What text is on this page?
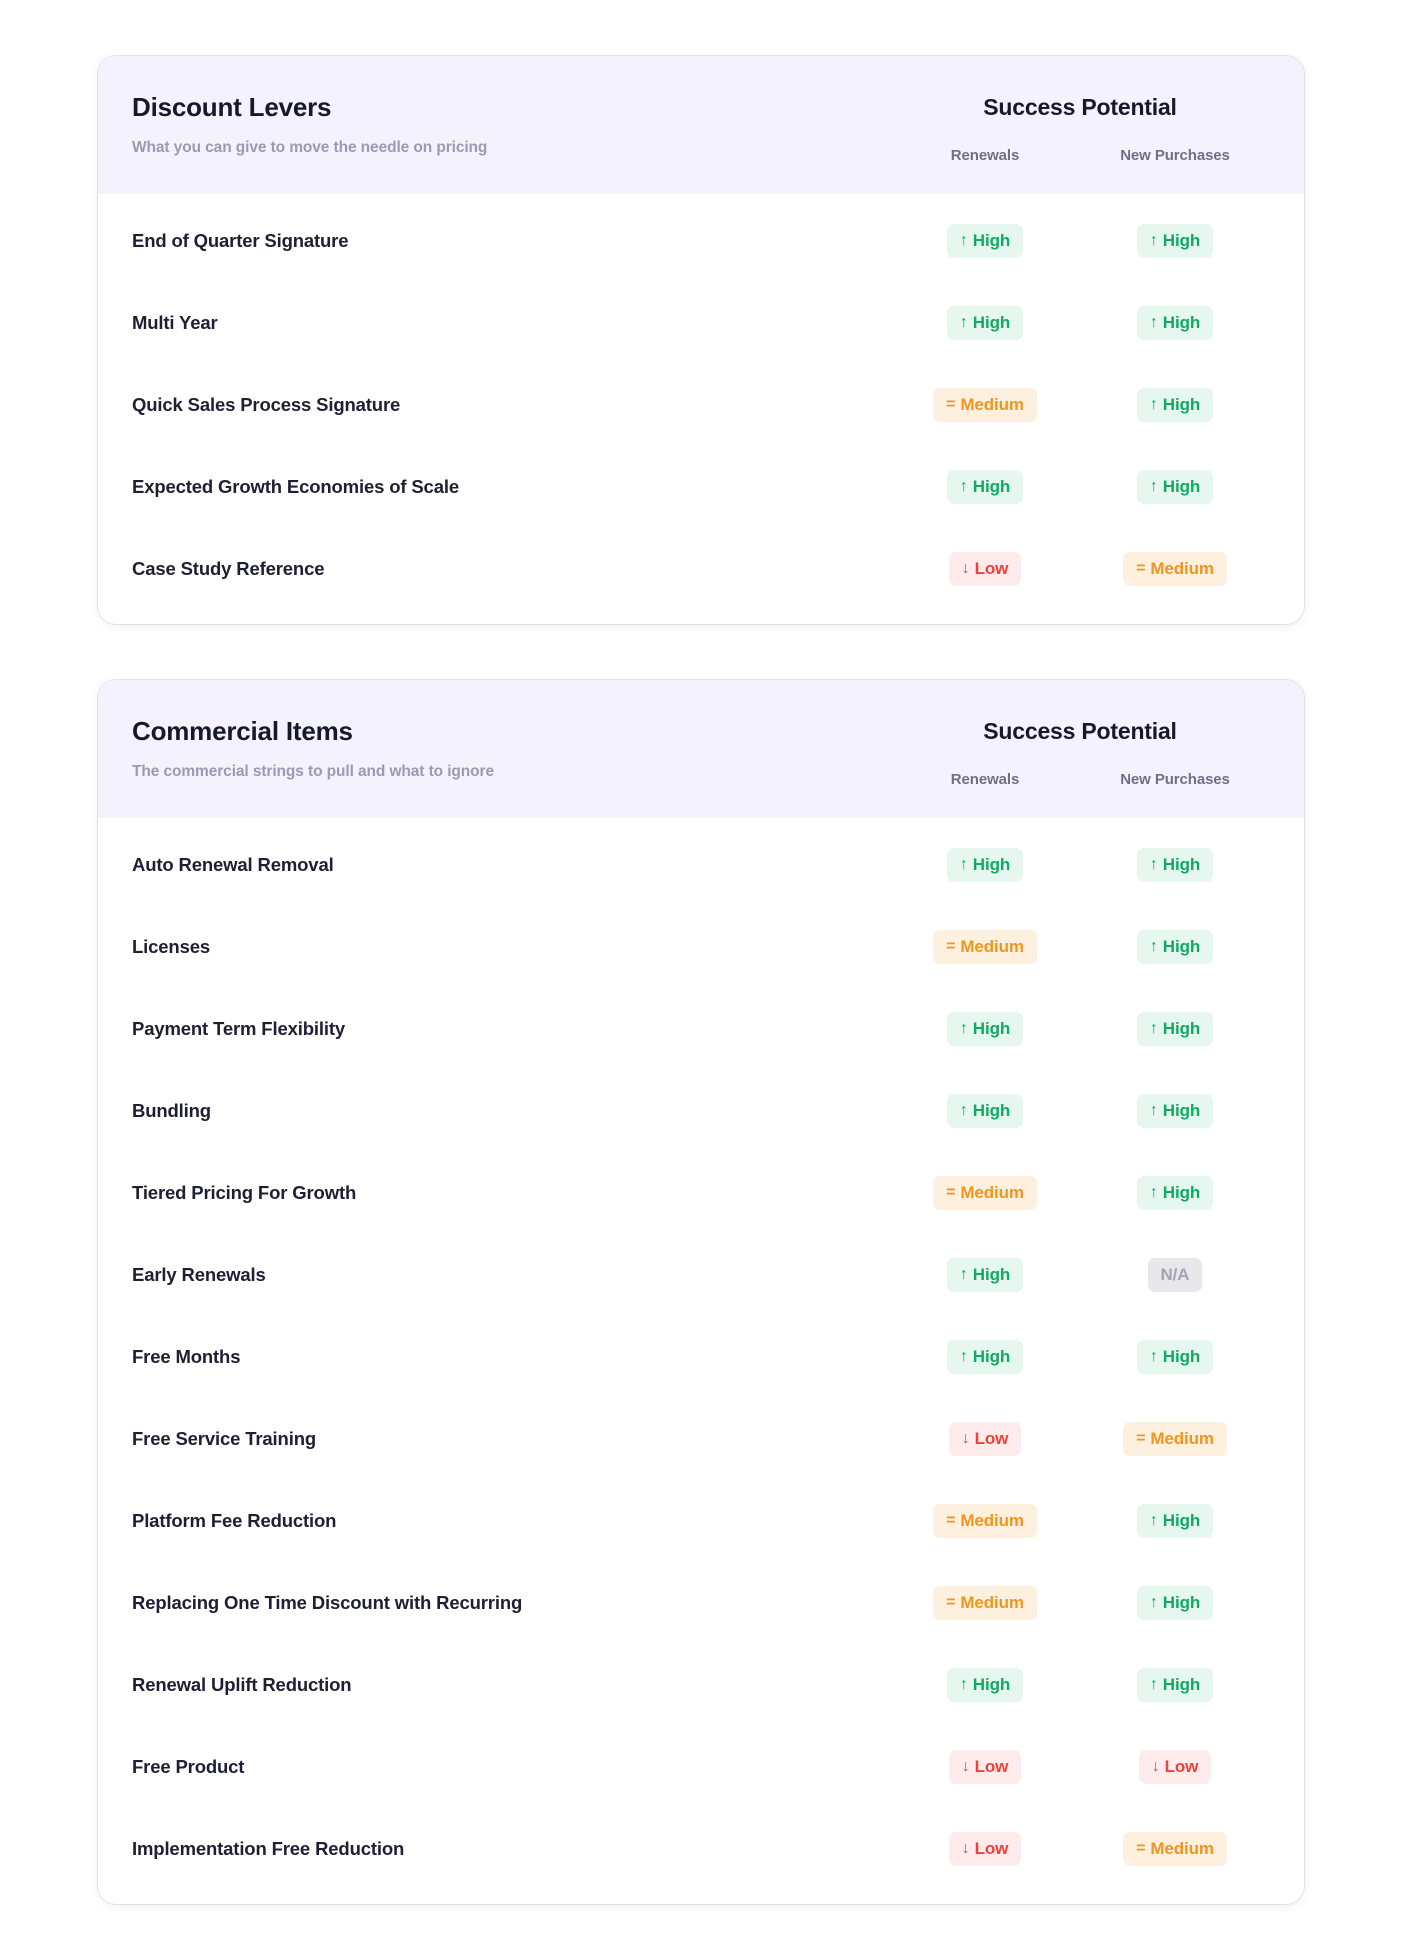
Discount Levers
What you can give to move the needle on pricing
Success Potential
Renewals	New Purchases
End of Quarter Signature	↑ High	↑ High
Multi Year	↑ High	↑ High
Quick Sales Process Signature	= Medium	↑ High
Expected Growth Economies of Scale	↑ High	↑ High
Case Study Reference	↓ Low	= Medium
Commercial Items
The commercial strings to pull and what to ignore
Success Potential
Renewals	New Purchases
Auto Renewal Removal	↑ High	↑ High
Licenses	= Medium	↑ High
Payment Term Flexibility	↑ High	↑ High
Bundling	↑ High	↑ High
Tiered Pricing For Growth	= Medium	↑ High
Early Renewals	↑ High	N/A
Free Months	↑ High	↑ High
Free Service Training	↓ Low	= Medium
Platform Fee Reduction	= Medium	↑ High
Replacing One Time Discount with Recurring	= Medium	↑ High
Renewal Uplift Reduction	↑ High	↑ High
Free Product	↓ Low	↓ Low
Implementation Free Reduction	↓ Low	= Medium
